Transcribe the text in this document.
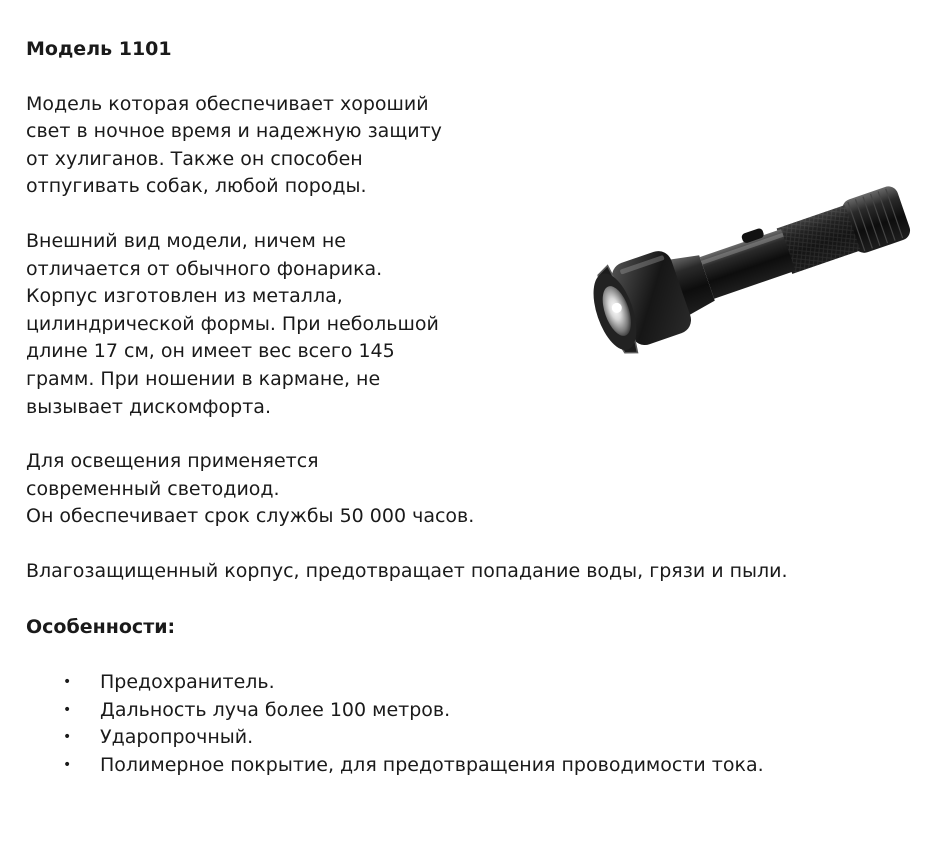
Модель 1101

Модель которая обеспечивает хороший
свет в ночное время и надежную защиту
от хулиганов. Также он способен
отпугивать собак, любой породы.

Внешний вид модели, ничем не
отличается от обычного фонарика.
Корпус изготовлен из металла,
цилиндрической формы. При небольшой
длине 17 см, он имеет вес всего 145
грамм. При ношении в кармане, не
вызывает дискомфорта.

Для освещения применяется
современный светодиод.
Он обеспечивает срок службы 50 000 часов.

Влагозащищенный корпус, предотвращает попадание воды, грязи и пыли.

Особенности:

• Предохранитель.
• Дальность луча более 100 метров.
• Ударопрочный.
• Полимерное покрытие, для предотвращения проводимости тока.
